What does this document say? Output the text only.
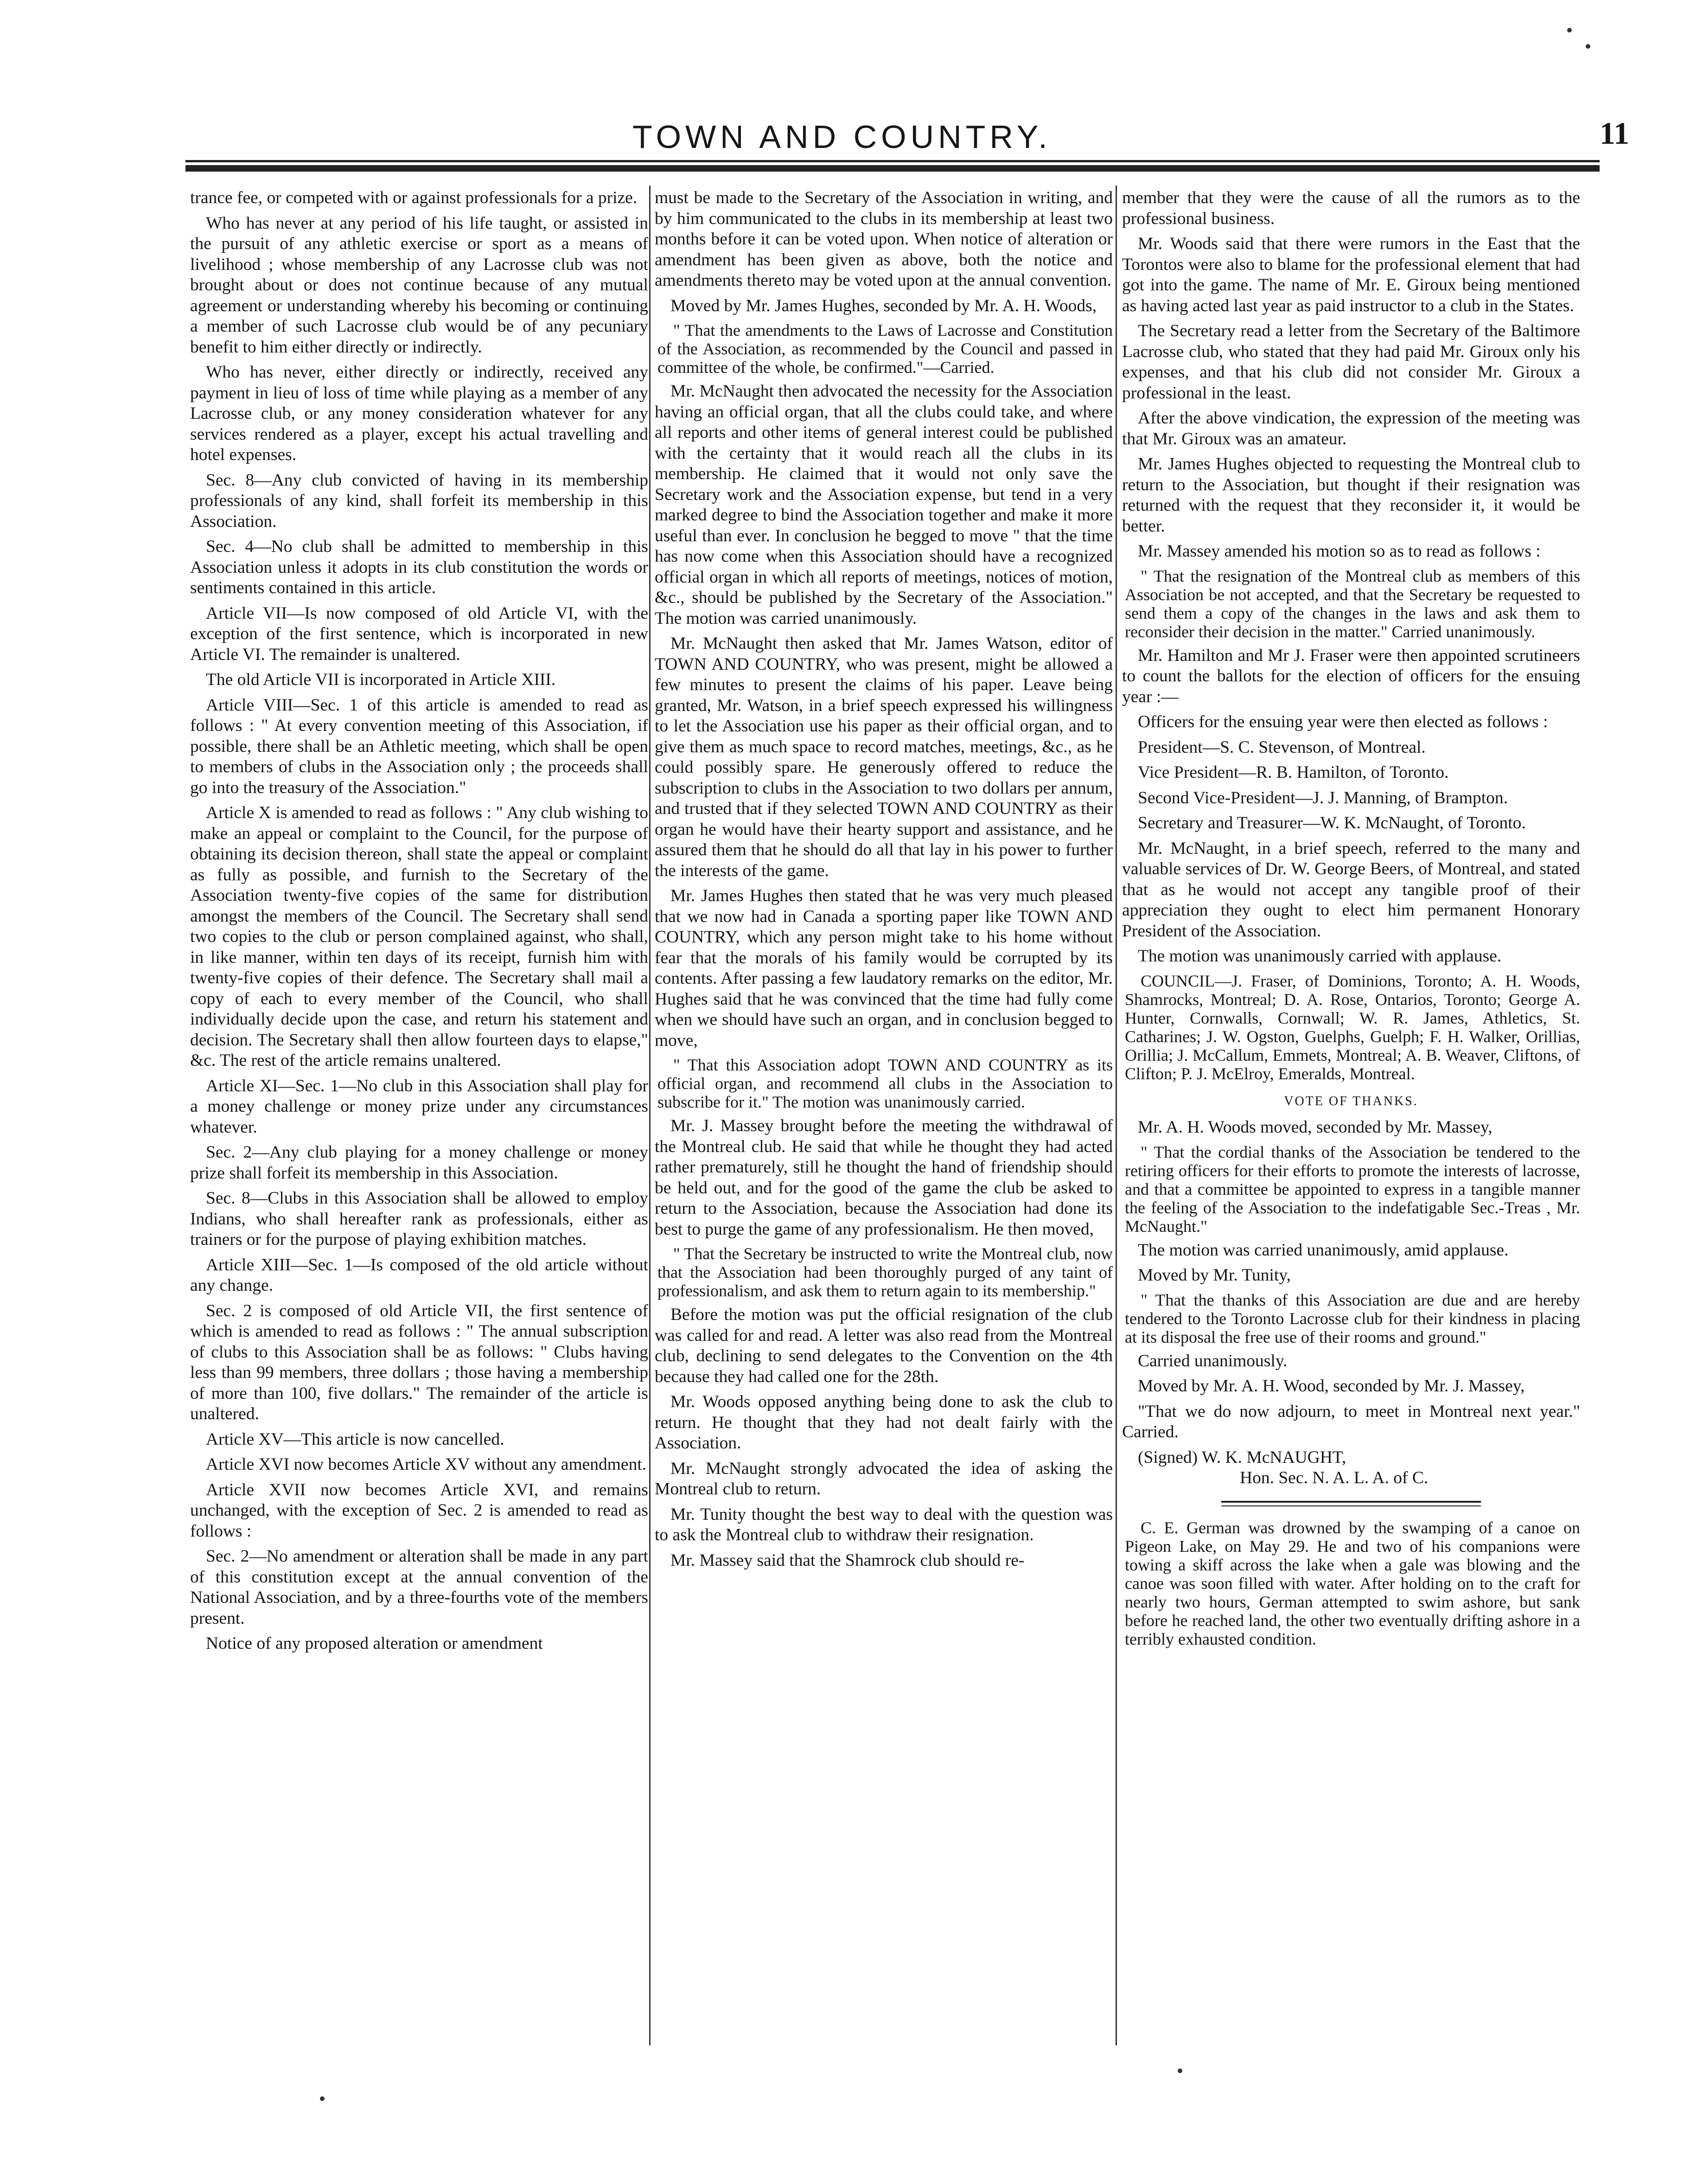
TOWN AND COUNTRY.	11

trance fee, or competed with or against professionals for a prize.

Who has never at any period of his life taught, or assisted in the pursuit of any athletic exercise or sport as a means of livelihood ; whose membership of any Lacrosse club was not brought about or does not continue because of any mutual agreement or understanding whereby his becoming or continuing a member of such Lacrosse club would be of any pecuniary benefit to him either directly or indirectly.

Who has never, either directly or indirectly, received any payment in lieu of loss of time while playing as a member of any Lacrosse club, or any money consideration whatever for any services rendered as a player, except his actual travelling and hotel expenses.

Sec. 8—Any club convicted of having in its membership professionals of any kind, shall forfeit its membership in this Association.

Sec. 4—No club shall be admitted to membership in this Association unless it adopts in its club constitution the words or sentiments contained in this article.

Article VII—Is now composed of old Article VI, with the exception of the first sentence, which is incorporated in new Article VI. The remainder is unaltered.

The old Article VII is incorporated in Article XIII.

Article VIII—Sec. 1 of this article is amended to read as follows : " At every convention meeting of this Association, if possible, there shall be an Athletic meeting, which shall be open to members of clubs in the Association only ; the proceeds shall go into the treasury of the Association."

Article X is amended to read as follows : " Any club wishing to make an appeal or complaint to the Council, for the purpose of obtaining its decision thereon, shall state the appeal or complaint as fully as possible, and furnish to the Secretary of the Association twenty-five copies of the same for distribution amongst the members of the Council. The Secretary shall send two copies to the club or person complained against, who shall, in like manner, within ten days of its receipt, furnish him with twenty-five copies of their defence. The Secretary shall mail a copy of each to every member of the Council, who shall individually decide upon the case, and return his statement and decision. The Secretary shall then allow fourteen days to elapse," &c. The rest of the article remains unaltered.

Article XI—Sec. 1—No club in this Association shall play for a money challenge or money prize under any circumstances whatever.

Sec. 2—Any club playing for a money challenge or money prize shall forfeit its membership in this Association.

Sec. 8—Clubs in this Association shall be allowed to employ Indians, who shall hereafter rank as professionals, either as trainers or for the purpose of playing exhibition matches.

Article XIII—Sec. 1—Is composed of the old article without any change.

Sec. 2 is composed of old Article VII, the first sentence of which is amended to read as follows : " The annual subscription of clubs to this Association shall be as follows: " Clubs having less than 99 members, three dollars ; those having a membership of more than 100, five dollars." The remainder of the article is unaltered.

Article XV—This article is now cancelled.

Article XVI now becomes Article XV without any amendment.

Article XVII now becomes Article XVI, and remains unchanged, with the exception of Sec. 2 is amended to read as follows :

Sec. 2—No amendment or alteration shall be made in any part of this constitution except at the annual convention of the National Association, and by a three-fourths vote of the members present.

Notice of any proposed alteration or amendment

must be made to the Secretary of the Association in writing, and by him communicated to the clubs in its membership at least two months before it can be voted upon. When notice of alteration or amendment has been given as above, both the notice and amendments thereto may be voted upon at the annual convention.

Moved by Mr. James Hughes, seconded by Mr. A. H. Woods,

" That the amendments to the Laws of Lacrosse and Constitution of the Association, as recommended by the Council and passed in committee of the whole, be confirmed."—Carried.

Mr. McNaught then advocated the necessity for the Association having an official organ, that all the clubs could take, and where all reports and other items of general interest could be published with the certainty that it would reach all the clubs in its membership. He claimed that it would not only save the Secretary work and the Association expense, but tend in a very marked degree to bind the Association together and make it more useful than ever. In conclusion he begged to move " that the time has now come when this Association should have a recognized official organ in which all reports of meetings, notices of motion, &c., should be published by the Secretary of the Association." The motion was carried unanimously.

Mr. McNaught then asked that Mr. James Watson, editor of TOWN AND COUNTRY, who was present, might be allowed a few minutes to present the claims of his paper. Leave being granted, Mr. Watson, in a brief speech expressed his willingness to let the Association use his paper as their official organ, and to give them as much space to record matches, meetings, &c., as he could possibly spare. He generously offered to reduce the subscription to clubs in the Association to two dollars per annum, and trusted that if they selected TOWN AND COUNTRY as their organ he would have their hearty support and assistance, and he assured them that he should do all that lay in his power to further the interests of the game.

Mr. James Hughes then stated that he was very much pleased that we now had in Canada a sporting paper like TOWN AND COUNTRY, which any person might take to his home without fear that the morals of his family would be corrupted by its contents. After passing a few laudatory remarks on the editor, Mr. Hughes said that he was convinced that the time had fully come when we should have such an organ, and in conclusion begged to move,

" That this Association adopt TOWN AND COUNTRY as its official organ, and recommend all clubs in the Association to subscribe for it." The motion was unanimously carried.

Mr. J. Massey brought before the meeting the withdrawal of the Montreal club. He said that while he thought they had acted rather prematurely, still he thought the hand of friendship should be held out, and for the good of the game the club be asked to return to the Association, because the Association had done its best to purge the game of any professionalism. He then moved,

" That the Secretary be instructed to write the Montreal club, now that the Association had been thoroughly purged of any taint of professionalism, and ask them to return again to its membership."

Before the motion was put the official resignation of the club was called for and read. A letter was also read from the Montreal club, declining to send delegates to the Convention on the 4th because they had called one for the 28th.

Mr. Woods opposed anything being done to ask the club to return. He thought that they had not dealt fairly with the Association.

Mr. McNaught strongly advocated the idea of asking the Montreal club to return.

Mr. Tunity thought the best way to deal with the question was to ask the Montreal club to withdraw their resignation.

Mr. Massey said that the Shamrock club should re-

member that they were the cause of all the rumors as to the professional business.

Mr. Woods said that there were rumors in the East that the Torontos were also to blame for the professional element that had got into the game. The name of Mr. E. Giroux being mentioned as having acted last year as paid instructor to a club in the States.

The Secretary read a letter from the Secretary of the Baltimore Lacrosse club, who stated that they had paid Mr. Giroux only his expenses, and that his club did not consider Mr. Giroux a professional in the least.

After the above vindication, the expression of the meeting was that Mr. Giroux was an amateur.

Mr. James Hughes objected to requesting the Montreal club to return to the Association, but thought if their resignation was returned with the request that they reconsider it, it would be better.

Mr. Massey amended his motion so as to read as follows :

" That the resignation of the Montreal club as members of this Association be not accepted, and that the Secretary be requested to send them a copy of the changes in the laws and ask them to reconsider their decision in the matter." Carried unanimously.

Mr. Hamilton and Mr J. Fraser were then appointed scrutineers to count the ballots for the election of officers for the ensuing year :—

Officers for the ensuing year were then elected as follows :

President—S. C. Stevenson, of Montreal.

Vice President—R. B. Hamilton, of Toronto.

Second Vice-President—J. J. Manning, of Brampton.

Secretary and Treasurer—W. K. McNaught, of Toronto.

Mr. McNaught, in a brief speech, referred to the many and valuable services of Dr. W. George Beers, of Montreal, and stated that as he would not accept any tangible proof of their appreciation they ought to elect him permanent Honorary President of the Association.

The motion was unanimously carried with applause.

COUNCIL—J. Fraser, of Dominions, Toronto; A. H. Woods, Shamrocks, Montreal; D. A. Rose, Ontarios, Toronto; George A. Hunter, Cornwalls, Cornwall; W. R. James, Athletics, St. Catharines; J. W. Ogston, Guelphs, Guelph; F. H. Walker, Orillias, Orillia; J. McCallum, Emmets, Montreal; A. B. Weaver, Cliftons, of Clifton; P. J. McElroy, Emeralds, Montreal.

VOTE OF THANKS.

Mr. A. H. Woods moved, seconded by Mr. Massey,

" That the cordial thanks of the Association be tendered to the retiring officers for their efforts to promote the interests of lacrosse, and that a committee be appointed to express in a tangible manner the feeling of the Association to the indefatigable Sec.-Treas , Mr. McNaught."

The motion was carried unanimously, amid applause.

Moved by Mr. Tunity,

" That the thanks of this Association are due and are hereby tendered to the Toronto Lacrosse club for their kindness in placing at its disposal the free use of their rooms and ground."

Carried unanimously.

Moved by Mr. A. H. Wood, seconded by Mr. J. Massey,

"That we do now adjourn, to meet in Montreal next year." Carried.

(Signed) W. K. McNAUGHT,
Hon. Sec. N. A. L. A. of C.

C. E. German was drowned by the swamping of a canoe on Pigeon Lake, on May 29. He and two of his companions were towing a skiff across the lake when a gale was blowing and the canoe was soon filled with water. After holding on to the craft for nearly two hours, German attempted to swim ashore, but sank before he reached land, the other two eventually drifting ashore in a terribly exhausted condition.
